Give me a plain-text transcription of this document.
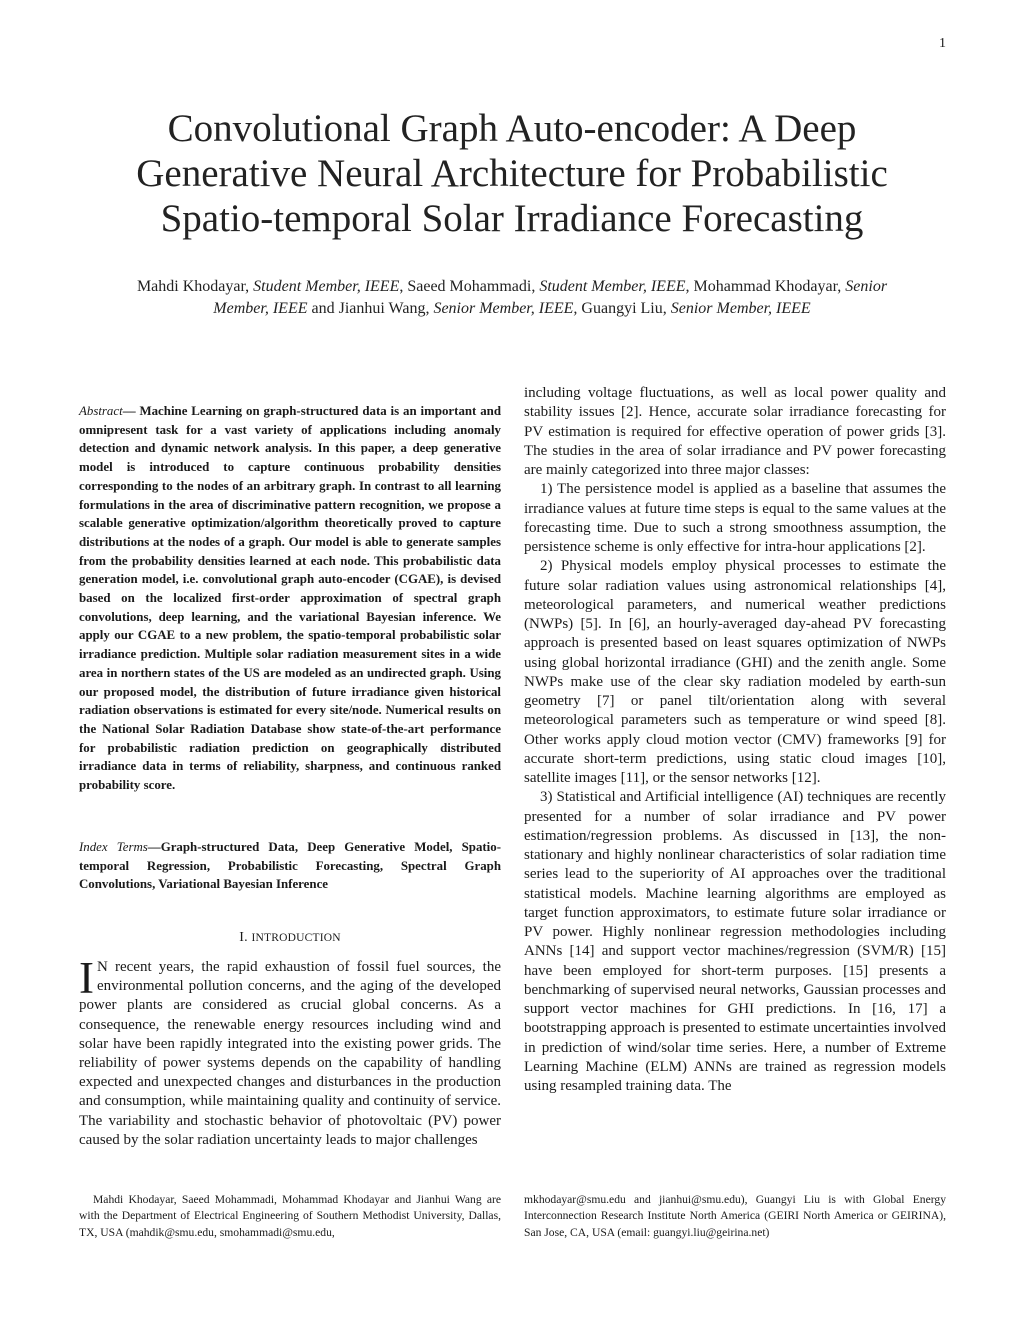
1
Convolutional Graph Auto-encoder: A Deep Generative Neural Architecture for Probabilistic Spatio-temporal Solar Irradiance Forecasting
Mahdi Khodayar, Student Member, IEEE, Saeed Mohammadi, Student Member, IEEE, Mohammad Khodayar, Senior Member, IEEE and Jianhui Wang, Senior Member, IEEE, Guangyi Liu, Senior Member, IEEE
Abstract— Machine Learning on graph-structured data is an important and omnipresent task for a vast variety of applications including anomaly detection and dynamic network analysis. In this paper, a deep generative model is introduced to capture continuous probability densities corresponding to the nodes of an arbitrary graph. In contrast to all learning formulations in the area of discriminative pattern recognition, we propose a scalable generative optimization/algorithm theoretically proved to capture distributions at the nodes of a graph. Our model is able to generate samples from the probability densities learned at each node. This probabilistic data generation model, i.e. convolutional graph auto-encoder (CGAE), is devised based on the localized first-order approximation of spectral graph convolutions, deep learning, and the variational Bayesian inference. We apply our CGAE to a new problem, the spatio-temporal probabilistic solar irradiance prediction. Multiple solar radiation measurement sites in a wide area in northern states of the US are modeled as an undirected graph. Using our proposed model, the distribution of future irradiance given historical radiation observations is estimated for every site/node. Numerical results on the National Solar Radiation Database show state-of-the-art performance for probabilistic radiation prediction on geographically distributed irradiance data in terms of reliability, sharpness, and continuous ranked probability score.
Index Terms—Graph-structured Data, Deep Generative Model, Spatio-temporal Regression, Probabilistic Forecasting, Spectral Graph Convolutions, Variational Bayesian Inference
I. INTRODUCTION
I N recent years, the rapid exhaustion of fossil fuel sources, the environmental pollution concerns, and the aging of the developed power plants are considered as crucial global concerns. As a consequence, the renewable energy resources including wind and solar have been rapidly integrated into the existing power grids. The reliability of power systems depends on the capability of handling expected and unexpected changes and disturbances in the production and consumption, while maintaining quality and continuity of service. The variability and stochastic behavior of photovoltaic (PV) power caused by the solar radiation uncertainty leads to major challenges

including voltage fluctuations, as well as local power quality and stability issues [2]. Hence, accurate solar irradiance forecasting for PV estimation is required for effective operation of power grids [3]. The studies in the area of solar irradiance and PV power forecasting are mainly categorized into three major classes:

1) The persistence model is applied as a baseline that assumes the irradiance values at future time steps is equal to the same values at the forecasting time. Due to such a strong smoothness assumption, the persistence scheme is only effective for intra-hour applications [2].

2) Physical models employ physical processes to estimate the future solar radiation values using astronomical relationships [4], meteorological parameters, and numerical weather predictions (NWPs) [5]. In [6], an hourly-averaged day-ahead PV forecasting approach is presented based on least squares optimization of NWPs using global horizontal irradiance (GHI) and the zenith angle. Some NWPs make use of the clear sky radiation modeled by earth-sun geometry [7] or panel tilt/orientation along with several meteorological parameters such as temperature or wind speed [8]. Other works apply cloud motion vector (CMV) frameworks [9] for accurate short-term predictions, using static cloud images [10], satellite images [11], or the sensor networks [12].

3) Statistical and Artificial intelligence (AI) techniques are recently presented for a number of solar irradiance and PV power estimation/regression problems. As discussed in [13], the non-stationary and highly nonlinear characteristics of solar radiation time series lead to the superiority of AI approaches over the traditional statistical models. Machine learning algorithms are employed as target function approximators, to estimate future solar irradiance or PV power. Highly nonlinear regression methodologies including ANNs [14] and support vector machines/regression (SVM/R) [15] have been employed for short-term purposes. [15] presents a benchmarking of supervised neural networks, Gaussian processes and support vector machines for GHI predictions. In [16, 17] a bootstrapping approach is presented to estimate uncertainties involved in prediction of wind/solar time series. Here, a number of Extreme Learning Machine (ELM) ANNs are trained as regression models using resampled training data. The

Mahdi Khodayar, Saeed Mohammadi, Mohammad Khodayar and Jianhui Wang are with the Department of Electrical Engineering of Southern Methodist University, Dallas, TX, USA (mahdik@smu.edu, smohammadi@smu.edu,
mkhodayar@smu.edu and jianhui@smu.edu), Guangyi Liu is with Global Energy Interconnection Research Institute North America (GEIRI North America or GEIRINA), San Jose, CA, USA (email: guangyi.liu@geirina.net)
